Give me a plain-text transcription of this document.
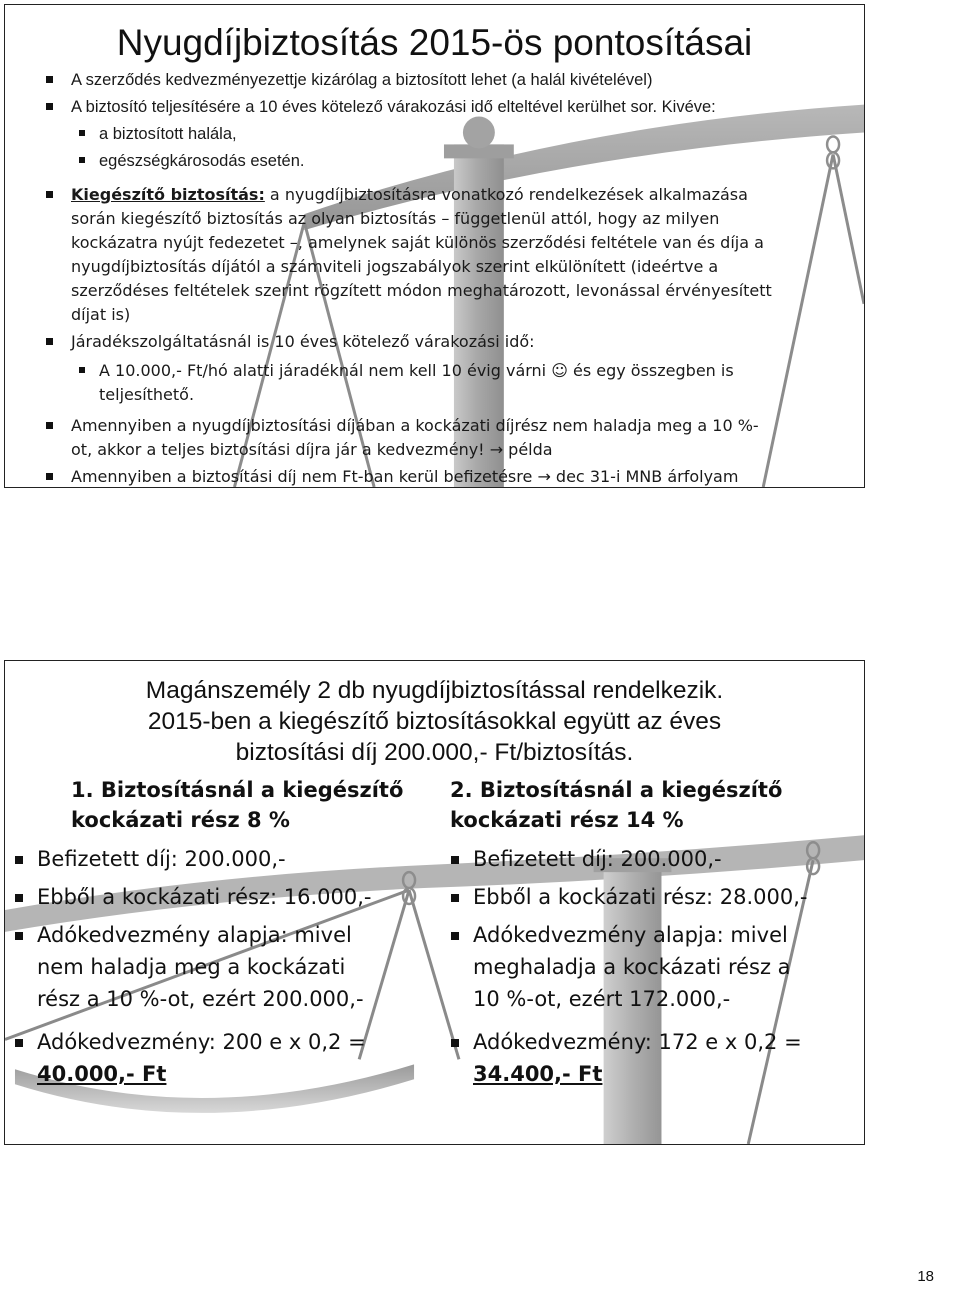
Nyugdíjbiztosítás 2015-ös pontosításai
A szerződés kedvezményezettje kizárólag a biztosított lehet (a halál kivételével)
A biztosító teljesítésére a 10 éves kötelező várakozási idő elteltével kerülhet sor. Kivéve:
a biztosított halála,
egészségkárosodás esetén.
Kiegészítő biztosítás: a nyugdíjbiztosításra vonatkozó rendelkezések alkalmazása
során kiegészítő biztosítás az olyan biztosítás – függetlenül attól, hogy az milyen
kockázatra nyújt fedezetet –, amelynek saját különös szerződési feltétele van és díja a
nyugdíjbiztosítás díjától a számviteli jogszabályok szerint elkülönített (ideértve a
szerződéses feltételek szerint rögzített módon meghatározott, levonással érvényesített
díjat is)
Járadékszolgáltatásnál is 10 éves kötelező várakozási idő:
A 10.000,- Ft/hó alatti járadéknál nem kell 10 évig várni ☺ és egy összegben is
teljesíthető.
Amennyiben a nyugdíjbiztosítási díjában a kockázati díjrész nem haladja meg a 10 %-
ot, akkor a teljes biztosítási díjra jár a kedvezmény! → példa
Amennyiben a biztosítási díj nem Ft-ban kerül befizetésre → dec 31-i MNB árfolyam
Magánszemély 2 db nyugdíjbiztosítással rendelkezik.
2015-ben a kiegészítő biztosításokkal együtt az éves
biztosítási díj 200.000,- Ft/biztosítás.
1. Biztosításnál a kiegészítő
kockázati rész 8 %
Befizetett díj: 200.000,-
Ebből a kockázati rész: 16.000,-
Adókedvezmény alapja: mivel
nem haladja meg a kockázati
rész a 10 %-ot, ezért 200.000,-
Adókedvezmény: 200 e x 0,2 =
40.000,- Ft
2. Biztosításnál a kiegészítő
kockázati rész 14 %
Befizetett díj: 200.000,-
Ebből a kockázati rész: 28.000,-
Adókedvezmény alapja: mivel
meghaladja a kockázati rész a
10 %-ot, ezért 172.000,-
Adókedvezmény: 172 e x 0,2 =
34.400,- Ft
18
